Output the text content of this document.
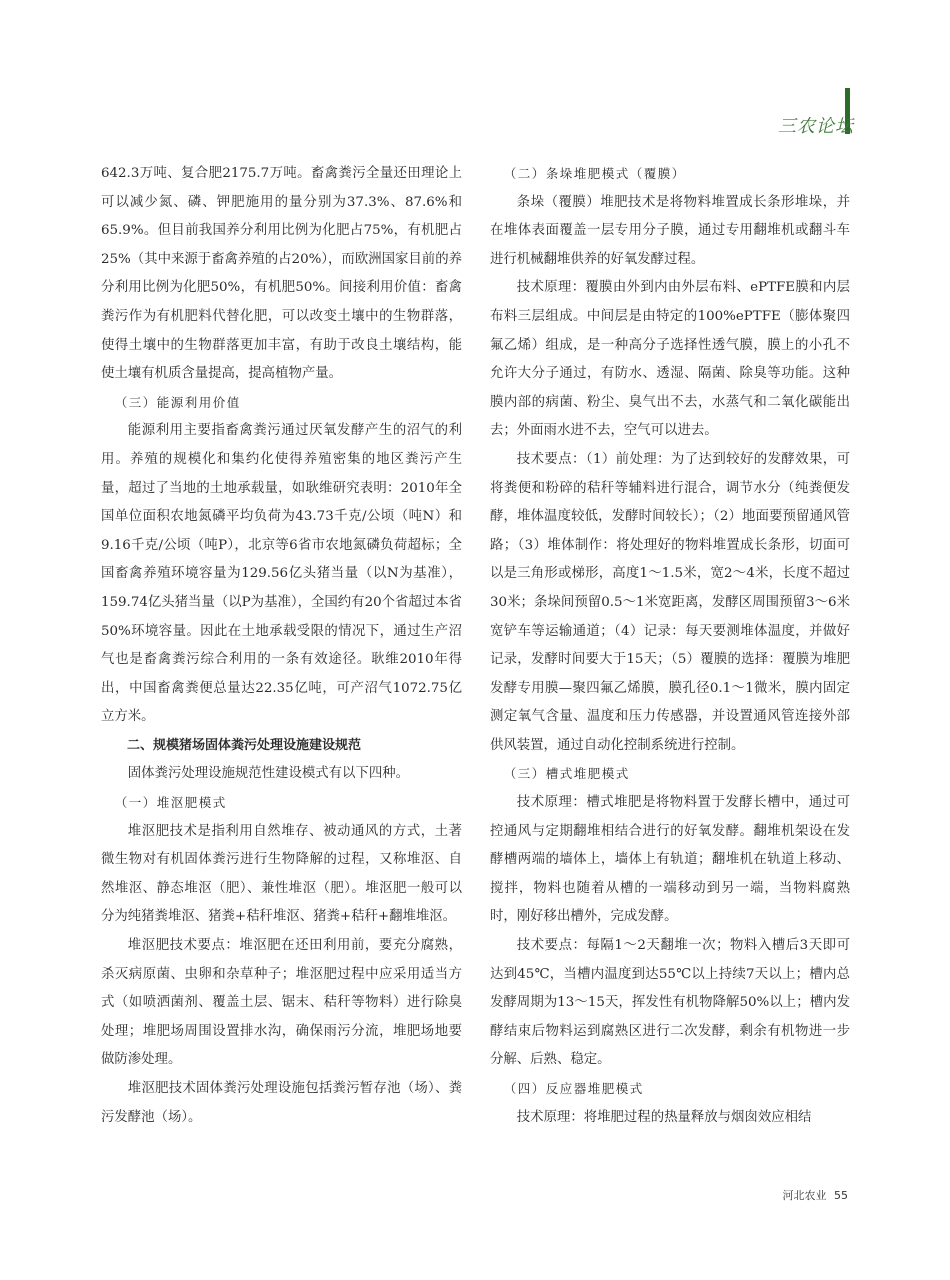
三农论坛

642.3万吨、复合肥2175.7万吨。畜禽粪污全量还田理论上可以减少氮、磷、钾肥施用的量分别为37.3%、87.6%和65.9%。但目前我国养分利用比例为化肥占75%，有机肥占25%（其中来源于畜禽养殖的占20%），而欧洲国家目前的养分利用比例为化肥50%，有机肥50%。间接利用价值：畜禽粪污作为有机肥料代替化肥，可以改变土壤中的生物群落，使得土壤中的生物群落更加丰富，有助于改良土壤结构，能使土壤有机质含量提高，提高植物产量。

（三）能源利用价值

能源利用主要指畜禽粪污通过厌氧发酵产生的沼气的利用。养殖的规模化和集约化使得养殖密集的地区粪污产生量，超过了当地的土地承载量，如耿维研究表明：2010年全国单位面积农地氮磷平均负荷为43.73千克/公顷（吨N）和9.16千克/公顷（吨P），北京等6省市农地氮磷负荷超标；全国畜禽养殖环境容量为129.56亿头猪当量（以N为基准），159.74亿头猪当量（以P为基准），全国约有20个省超过本省50%环境容量。因此在土地承载受限的情况下，通过生产沼气也是畜禽粪污综合利用的一条有效途径。耿维2010年得出，中国畜禽粪便总量达22.35亿吨，可产沼气1072.75亿立方米。

二、规模猪场固体粪污处理设施建设规范

固体粪污处理设施规范性建设模式有以下四种。

（一）堆沤肥模式

堆沤肥技术是指利用自然堆存、被动通风的方式，土著微生物对有机固体粪污进行生物降解的过程，又称堆沤、自然堆沤、静态堆沤（肥）、兼性堆沤（肥）。堆沤肥一般可以分为纯猪粪堆沤、猪粪+秸秆堆沤、猪粪+秸秆+翻堆堆沤。

堆沤肥技术要点：堆沤肥在还田利用前，要充分腐熟，杀灭病原菌、虫卵和杂草种子；堆沤肥过程中应采用适当方式（如喷洒菌剂、覆盖土层、锯末、秸秆等物料）进行除臭处理；堆肥场周围设置排水沟，确保雨污分流，堆肥场地要做防渗处理。

堆沤肥技术固体粪污处理设施包括粪污暂存池（场）、粪污发酵池（场）。

（二）条垛堆肥模式（覆膜）

条垛（覆膜）堆肥技术是将物料堆置成长条形堆垛，并在堆体表面覆盖一层专用分子膜，通过专用翻堆机或翻斗车进行机械翻堆供养的好氧发酵过程。

技术原理：覆膜由外到内由外层布料、ePTFE膜和内层布料三层组成。中间层是由特定的100%ePTFE（膨体聚四氟乙烯）组成，是一种高分子选择性透气膜，膜上的小孔不允许大分子通过，有防水、透湿、隔菌、除臭等功能。这种膜内部的病菌、粉尘、臭气出不去，水蒸气和二氧化碳能出去；外面雨水进不去，空气可以进去。

技术要点：（1）前处理：为了达到较好的发酵效果，可将粪便和粉碎的秸秆等辅料进行混合，调节水分（纯粪便发酵，堆体温度较低，发酵时间较长）；（2）地面要预留通风管路；（3）堆体制作：将处理好的物料堆置成长条形，切面可以是三角形或梯形，高度1～1.5米，宽2～4米，长度不超过30米；条垛间预留0.5～1米宽距离，发酵区周围预留3～6米宽铲车等运输通道；（4）记录：每天要测堆体温度，并做好记录，发酵时间要大于15天；（5）覆膜的选择：覆膜为堆肥发酵专用膜—聚四氟乙烯膜，膜孔径0.1～1微米，膜内固定测定氧气含量、温度和压力传感器，并设置通风管连接外部供风装置，通过自动化控制系统进行控制。

（三）槽式堆肥模式

技术原理：槽式堆肥是将物料置于发酵长槽中，通过可控通风与定期翻堆相结合进行的好氧发酵。翻堆机架设在发酵槽两端的墙体上，墙体上有轨道；翻堆机在轨道上移动、搅拌，物料也随着从槽的一端移动到另一端，当物料腐熟时，刚好移出槽外，完成发酵。

技术要点：每隔1～2天翻堆一次；物料入槽后3天即可达到45℃，当槽内温度到达55℃以上持续7天以上；槽内总发酵周期为13～15天，挥发性有机物降解50%以上；槽内发酵结束后物料运到腐熟区进行二次发酵，剩余有机物进一步分解、后熟、稳定。

（四）反应器堆肥模式

技术原理：将堆肥过程的热量释放与烟囱效应相结

河北农业 55
